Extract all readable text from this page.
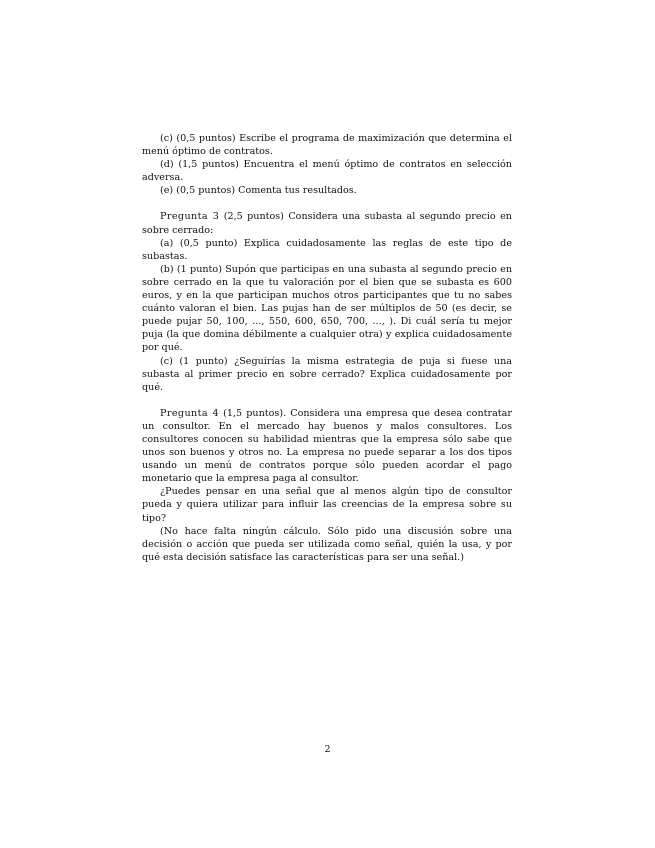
(c) (0,5 puntos) Escribe el programa de maximización que determina el menú óptimo de contratos.

(d) (1,5 puntos) Encuentra el menú óptimo de contratos en selección adversa.

(e) (0,5 puntos) Comenta tus resultados.

Pregunta 3 (2,5 puntos) Considera una subasta al segundo precio en sobre cerrado:

(a) (0,5 punto) Explica cuidadosamente las reglas de este tipo de subastas.

(b) (1 punto) Supón que participas en una subasta al segundo precio en sobre cerrado en la que tu valoración por el bien que se subasta es 600 euros, y en la que participan muchos otros participantes que tu no sabes cuánto valoran el bien. Las pujas han de ser múltiplos de 50 (es decir, se puede pujar 50, 100, ..., 550, 600, 650, 700, ..., ). Di cuál sería tu mejor puja (la que domina débilmente a cualquier otra) y explica cuidadosamente por qué.

(c) (1 punto) ¿Seguirías la misma estrategia de puja si fuese una subasta al primer precio en sobre cerrado? Explica cuidadosamente por qué.

Pregunta 4 (1,5 puntos). Considera una empresa que desea contratar un consultor. En el mercado hay buenos y malos consultores. Los consultores conocen su habilidad mientras que la empresa sólo sabe que unos son buenos y otros no. La empresa no puede separar a los dos tipos usando un menú de contratos porque sólo pueden acordar el pago monetario que la empresa paga al consultor.

¿Puedes pensar en una señal que al menos algún tipo de consultor pueda y quiera utilizar para influir las creencias de la empresa sobre su tipo?

(No hace falta ningún cálculo. Sólo pido una discusión sobre una decisión o acción que pueda ser utilizada como señal, quién la usa, y por qué esta decisión satisface las características para ser una señal.)

2
